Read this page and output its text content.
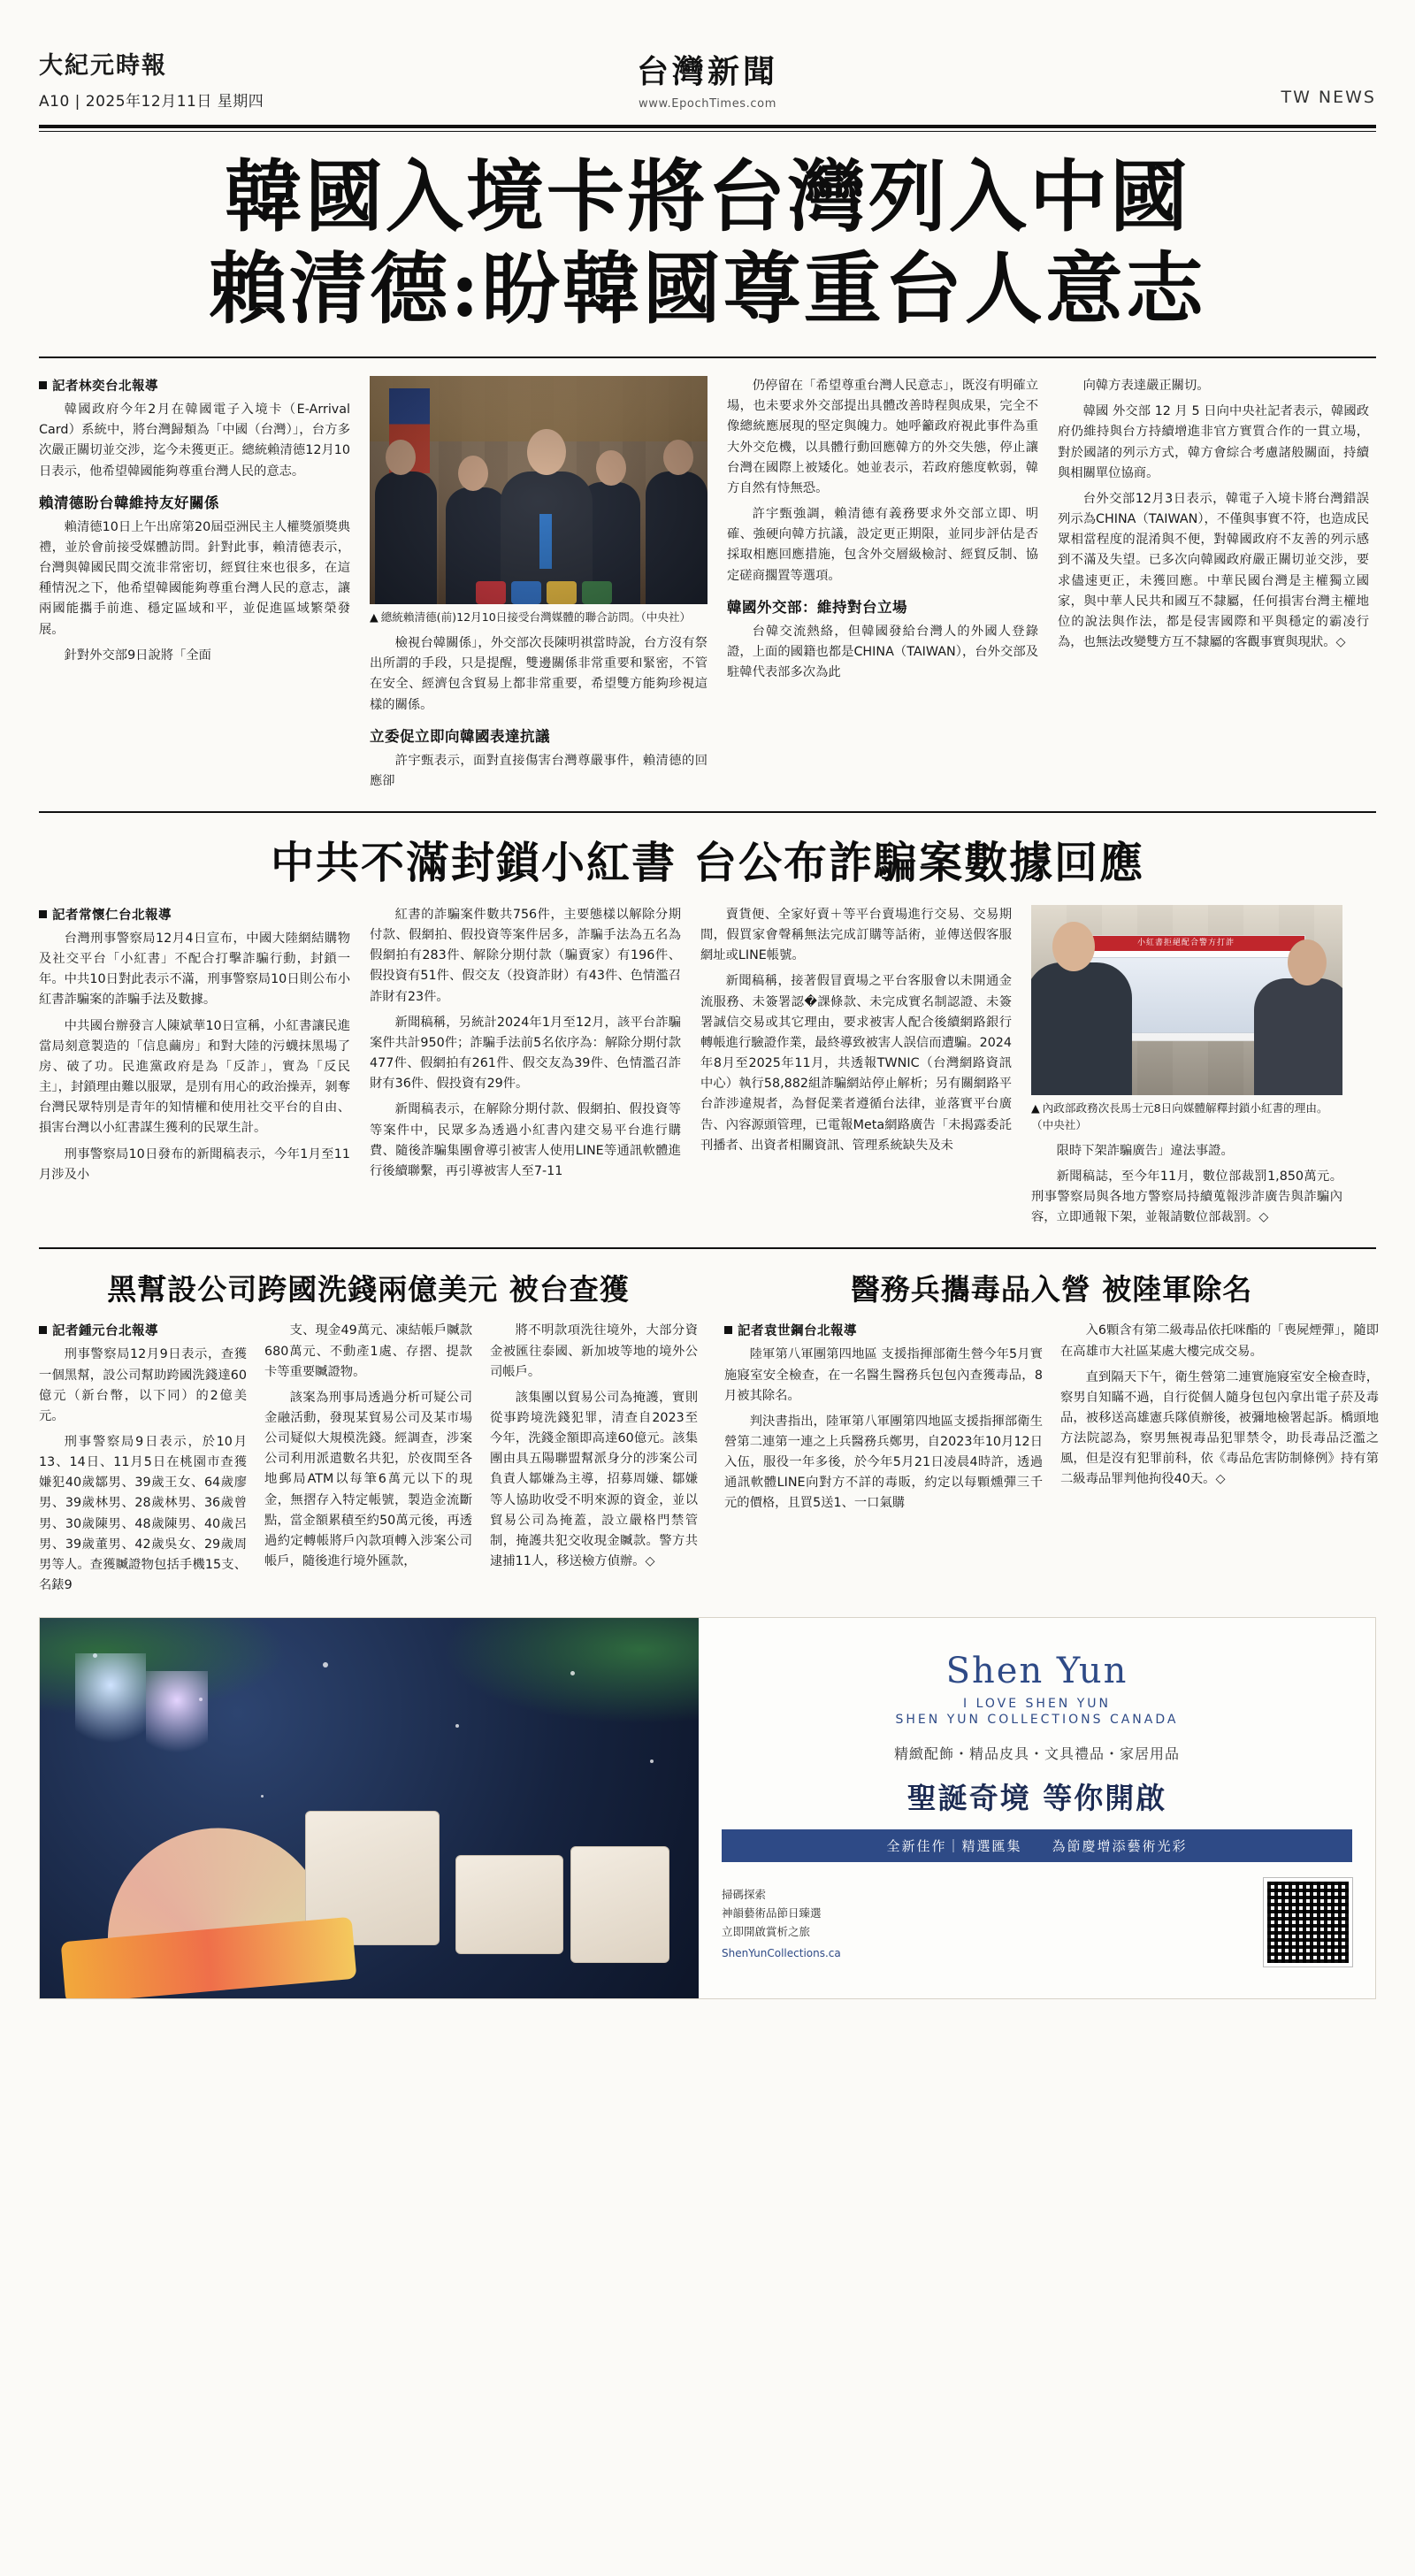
大紀元時報
A10 | 2025年12月11日 星期四
台灣新聞
www.EpochTimes.com	TW NEWS
韓國入境卡將台灣列入中國
賴清德:盼韓國尊重台人意志
記者林奕台北報導

韓國政府今年2月在韓國電子入境卡（E-Arrival Card）系統中，將台灣歸類為「中國（台灣）」，台方多次嚴正關切並交涉，迄今未獲更正。總統賴清德12月10日表示，他希望韓國能夠尊重台灣人民的意志。

賴清德盼台韓維持友好關係

賴清德10日上午出席第20屆亞洲民主人權獎頒獎典禮，並於會前接受媒體訪問。針對此事，賴清德表示，台灣與韓國民間交流非常密切，經貿往來也很多，在這種情況之下，他希望韓國能夠尊重台灣人民的意志，讓兩國能攜手前進、穩定區域和平，並促進區域繁榮發展。

針對外交部9日說將「全面

▲ 總統賴清德(前)12月10日接受台灣媒體的聯合訪問。（中央社）

檢視台韓關係」，外交部次長陳明祺當時說，台方沒有祭出所謂的手段，只是提醒，雙邊關係非常重要和緊密，不管在安全、經濟包含貿易上都非常重要，希望雙方能夠珍視這樣的關係。

立委促立即向韓國表達抗議

許宇甄表示，面對直接傷害台灣尊嚴事件，賴清德的回應卻

仍停留在「希望尊重台灣人民意志」，既沒有明確立場，也未要求外交部提出具體改善時程與成果，完全不像總統應展現的堅定與魄力。她呼籲政府視此事件為重大外交危機，以具體行動回應韓方的外交失態，停止讓台灣在國際上被矮化。她並表示，若政府態度軟弱，韓方自然有恃無恐。

許宇甄強調，賴清德有義務要求外交部立即、明確、強硬向韓方抗議，設定更正期限，並同步評估是否採取相應回應措施，包含外交層級檢討、經貿反制、協定磋商擱置等選項。

韓國外交部：維持對台立場

台韓交流熱絡，但韓國發給台灣人的外國人登錄證，上面的國籍也都是CHINA（TAIWAN），台外交部及駐韓代表部多次為此

向韓方表達嚴正關切。

韓國 外交部 12 月 5 日向中央社記者表示，韓國政府仍維持與台方持續增進非官方實質合作的一貫立場，對於國諸的列示方式，韓方會綜合考慮諸般關面，持續與相關單位協商。

台外交部12月3日表示，韓電子入境卡將台灣錯誤列示為CHINA（TAIWAN），不僅與事實不符，也造成民眾相當程度的混淆與不便，對韓國政府不友善的列示感到不滿及失望。已多次向韓國政府嚴正關切並交涉，要求儘速更正，未獲回應。中華民國台灣是主權獨立國家，與中華人民共和國互不隸屬，任何損害台灣主權地位的說法與作法，都是侵害國際和平與穩定的霸凌行為，也無法改變雙方互不隸屬的客觀事實與現狀。◇

中共不滿封鎖小紅書 台公布詐騙案數據回應
記者常懷仁台北報導

台灣刑事警察局12月4日宣布，中國大陸網結購物及社交平台「小紅書」不配合打擊詐騙行動，封鎖一年。中共10日對此表示不滿，刑事警察局10日則公布小紅書詐騙案的詐騙手法及數據。

中共國台辦發言人陳斌華10日宣稱，小紅書讓民進當局刻意製造的「信息繭房」和對大陸的污蠛抹黑場了房、破了功。民進黨政府是為「反詐」，實為「反民主」，封鎖理由難以服眾，是別有用心的政治操弄，剝奪台灣民眾特別是青年的知情權和使用社交平台的自由、損害台灣以小紅書謀生獲利的民眾生計。

刑事警察局10日發布的新聞稿表示，今年1月至11月涉及小

紅書的詐騙案件數共756件，主要態樣以解除分期付款、假網拍、假投資等案件居多，詐騙手法為五名為假網拍有283件、解除分期付款（騙賣家）有196件、假投資有51件、假交友（投資詐財）有43件、色情濫召詐財有23件。

新聞稿稱，另統計2024年1月至12月，該平台詐騙案件共計950件；詐騙手法前5名依序為：解除分期付款477件、假網拍有261件、假交友為39件、色情濫召詐財有36件、假投資有29件。

新聞稿表示，在解除分期付款、假網拍、假投資等等案件中，民眾多為透過小紅書內建交易平台進行購費、隨後詐騙集團會導引被害人使用LINE等通訊軟體進行後續聯繫，再引導被害人至7-11

賣貨便、全家好賣＋等平台賣場進行交易、交易期間，假買家會聲稱無法完成訂購等話術，並傳送假客服網址或LINE帳號。

新聞稿稱，接著假冒賣場之平台客服會以未開通金流服務、未簽署認�課條款、未完成實名制認證、未簽署誠信交易或其它理由，要求被害人配合後續網路銀行轉帳進行驗證作業，最終導致被害人誤信而遭騙。2024年8月至2025年11月，共透報TWNIC（台灣網路資訊中心）執行58,882組詐騙網站停止解析；另有關網路平台詐涉違規者，為督促業者遵循台法律，並落實平台廣告、內容源頭管理，已電報Meta網路廣告「未揭露委託刊播者、出資者相關資訊、管理系統缺失及未

小紅書拒絕配合警方打詐
▲ 內政部政務次長馬士元8日向媒體解釋封鎖小紅書的理由。（中央社）

限時下架詐騙廣告」違法事證。

新聞稿誌，至今年11月，數位部裁罰1,850萬元。刑事警察局與各地方警察局持續蒐報涉詐廣告與詐騙內容，立即通報下架，並報請數位部裁罰。◇

黑幫設公司跨國洗錢兩億美元 被台查獲
記者鍾元台北報導

刑事警察局12月9日表示，查獲一個黑幫，設公司幫助跨國洗錢達60億元（新台幣，以下同）的2億美元。

刑事警察局9日表示，於10月13、14日、11月5日在桃園市查獲嫌犯40歲鄒男、39歲王女、64歲廖男、39歲林男、28歲林男、36歲曾男、30歲陳男、48歲陳男、40歲呂男、39歲董男、42歲吳女、29歲周男等人。查獲贓證物包括手機15支、名錶9

支、現金49萬元、凍結帳戶贓款680萬元、不動產1處、存摺、提款卡等重要贓證物。

該案為刑事局透過分析可疑公司金融活動，發現某貿易公司及某市場公司疑似大規模洗錢。經調查，涉案公司利用派遣數名共犯，於夜間至各地郵局ATM以每筆6萬元以下的現金，無摺存入特定帳號，製造金流斷點，當金額累積至約50萬元後，再透過約定轉帳將戶內款項轉入涉案公司帳戶，隨後進行境外匯款，

將不明款項洗往境外，大部分資金被匯往泰國、新加坡等地的境外公司帳戶。

該集團以貿易公司為掩護，實則從事跨境洗錢犯罪，清查自2023至今年，洗錢金額即高達60億元。該集團由具五陽聯盟幫派身分的涉案公司負責人鄒嫌為主導，招募周嫌、鄒嫌等人協助收受不明來源的資金，並以貿易公司為掩蓋，設立嚴格門禁管制，掩護共犯交收現金贓款。警方共逮捕11人，移送檢方偵辦。◇

醫務兵攜毒品入營 被陸軍除名
記者袁世鋼台北報導

陸軍第八軍團第四地區 支援指揮部衛生營今年5月實施寢室安全檢查，在一名醫生醫務兵包包內查獲毒品，8月被其除名。

判決書指出，陸軍第八軍團第四地區支援指揮部衛生營第二連第一連之上兵醫務兵鄭男，自2023年10月12日入伍，服役一年多後，於今年5月21日凌晨4時許，透過通訊軟體LINE向對方不詳的毒販，約定以每顆燻彈三千元的價格，且買5送1、一口氣購

入6顆含有第二級毒品依托咪酯的「喪屍煙彈」，隨即在高雄市大社區某處大樓完成交易。

直到隔天下午，衛生營第二連實施寢室安全檢查時，察男自知瞞不過，自行從個人隨身包包內拿出電子菸及毒品，被移送高雄憲兵隊偵辦後，被彌地檢署起訴。橋頭地方法院認為，察男無視毒品犯罪禁令，助長毒品泛濫之風，但是沒有犯罪前科，依《毒品危害防制條例》持有第二級毒品罪判他拘役40天。◇

Shen Yun
I LOVE SHEN YUN
SHEN YUN COLLECTIONS CANADA
精緻配飾・精品皮具・文具禮品・家居用品
聖誕奇境 等你開啟
全新佳作｜精選匯集　　為節慶增添藝術光彩
掃碼探索
神韻藝術品節日臻選
立即開啟賞析之旅
ShenYunCollections.ca
